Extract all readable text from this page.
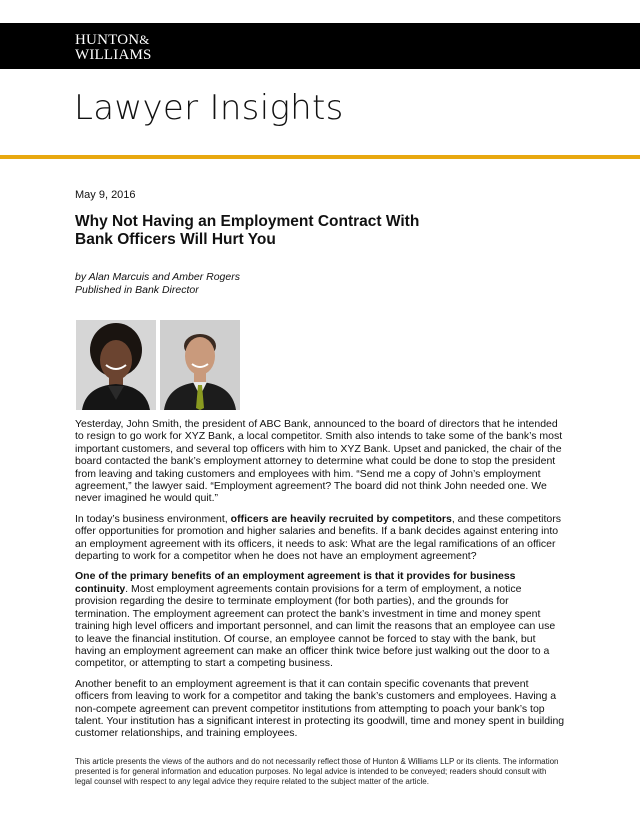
HUNTON&
WILLIAMS
Lawyer Insights
May 9, 2016
Why Not Having an Employment Contract With
Bank Officers Will Hurt You
by Alan Marcuis and Amber Rogers
Published in Bank Director

Yesterday, John Smith, the president of ABC Bank, announced to the board of directors that he intended to resign to go work for XYZ Bank, a local competitor. Smith also intends to take some of the bank’s most important customers, and several top officers with him to XYZ Bank. Upset and panicked, the chair of the board contacted the bank’s employment attorney to determine what could be done to stop the president from leaving and taking customers and employees with him. “Send me a copy of John’s employment agreement,” the lawyer said. “Employment agreement? The board did not think John needed one. We never imagined he would quit.”

In today’s business environment, officers are heavily recruited by competitors, and these competitors offer opportunities for promotion and higher salaries and benefits. If a bank decides against entering into an employment agreement with its officers, it needs to ask: What are the legal ramifications of an officer departing to work for a competitor when he does not have an employment agreement?

One of the primary benefits of an employment agreement is that it provides for business continuity. Most employment agreements contain provisions for a term of employment, a notice provision regarding the desire to terminate employment (for both parties), and the grounds for termination. The employment agreement can protect the bank’s investment in time and money spent training high level officers and important personnel, and can limit the reasons that an employee can use to leave the financial institution. Of course, an employee cannot be forced to stay with the bank, but having an employment agreement can make an officer think twice before just walking out the door to a competitor, or attempting to start a competing business.

Another benefit to an employment agreement is that it can contain specific covenants that prevent officers from leaving to work for a competitor and taking the bank’s customers and employees. Having a non-compete agreement can prevent competitor institutions from attempting to poach your bank’s top talent. Your institution has a significant interest in protecting its goodwill, time and money spent in building customer relationships, and training employees.

This article presents the views of the authors and do not necessarily reflect those of Hunton & Williams LLP or its clients. The information presented is for general information and education purposes. No legal advice is intended to be conveyed; readers should consult with legal counsel with respect to any legal advice they require related to the subject matter of the article.
